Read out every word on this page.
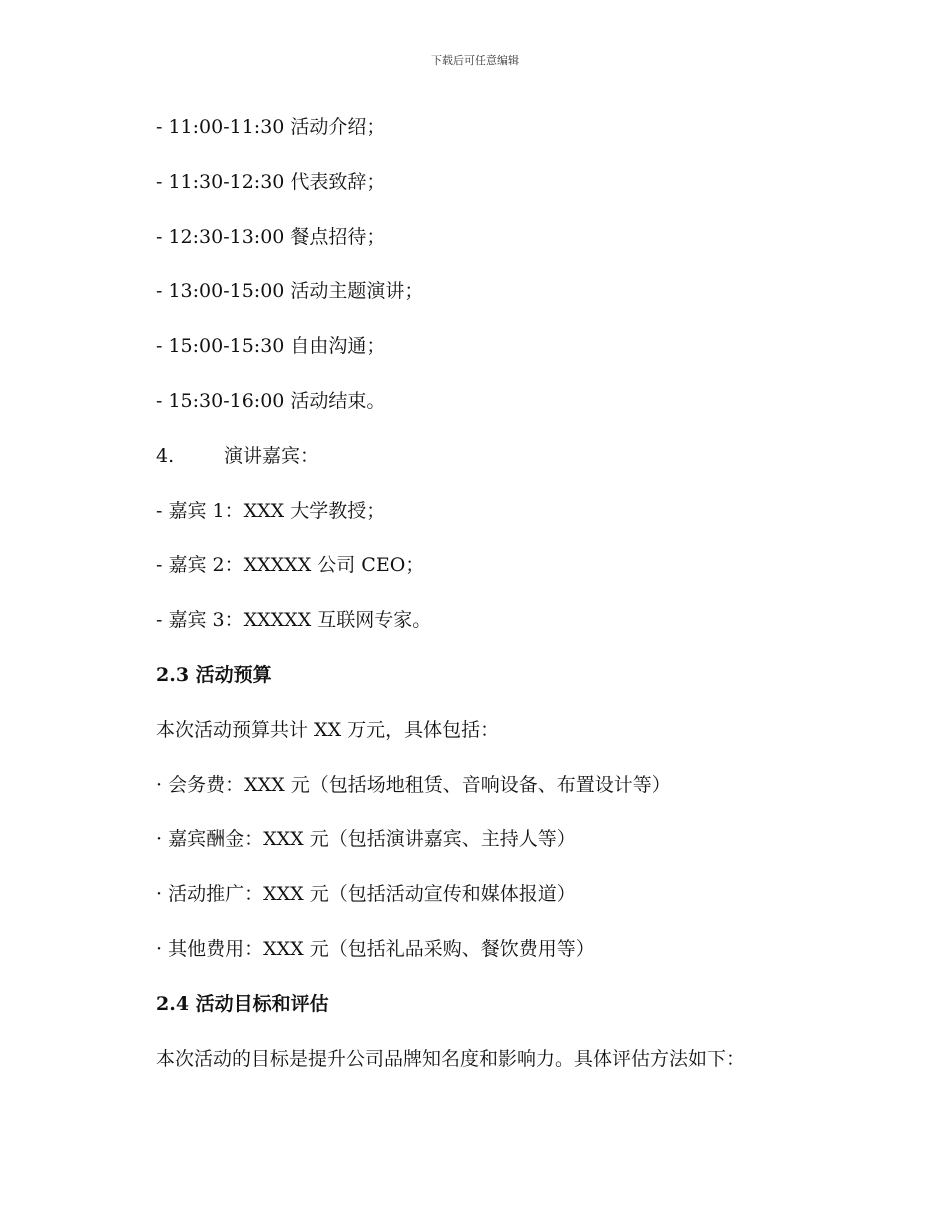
下载后可任意编辑
- 11:00-11:30 活动介绍；
- 11:30-12:30 代表致辞；
- 12:30-13:00 餐点招待；
- 13:00-15:00 活动主题演讲；
- 15:00-15:30 自由沟通；
- 15:30-16:00 活动结束。
4.	演讲嘉宾：
- 嘉宾 1：XXX 大学教授；
- 嘉宾 2：XXXXX 公司 CEO；
- 嘉宾 3：XXXXX 互联网专家。
2.3 活动预算
本次活动预算共计 XX 万元，具体包括：
· 会务费：XXX 元（包括场地租赁、音响设备、布置设计等）
· 嘉宾酬金：XXX 元（包括演讲嘉宾、主持人等）
· 活动推广：XXX 元（包括活动宣传和媒体报道）
· 其他费用：XXX 元（包括礼品采购、餐饮费用等）
2.4 活动目标和评估
本次活动的目标是提升公司品牌知名度和影响力。具体评估方法如下：
